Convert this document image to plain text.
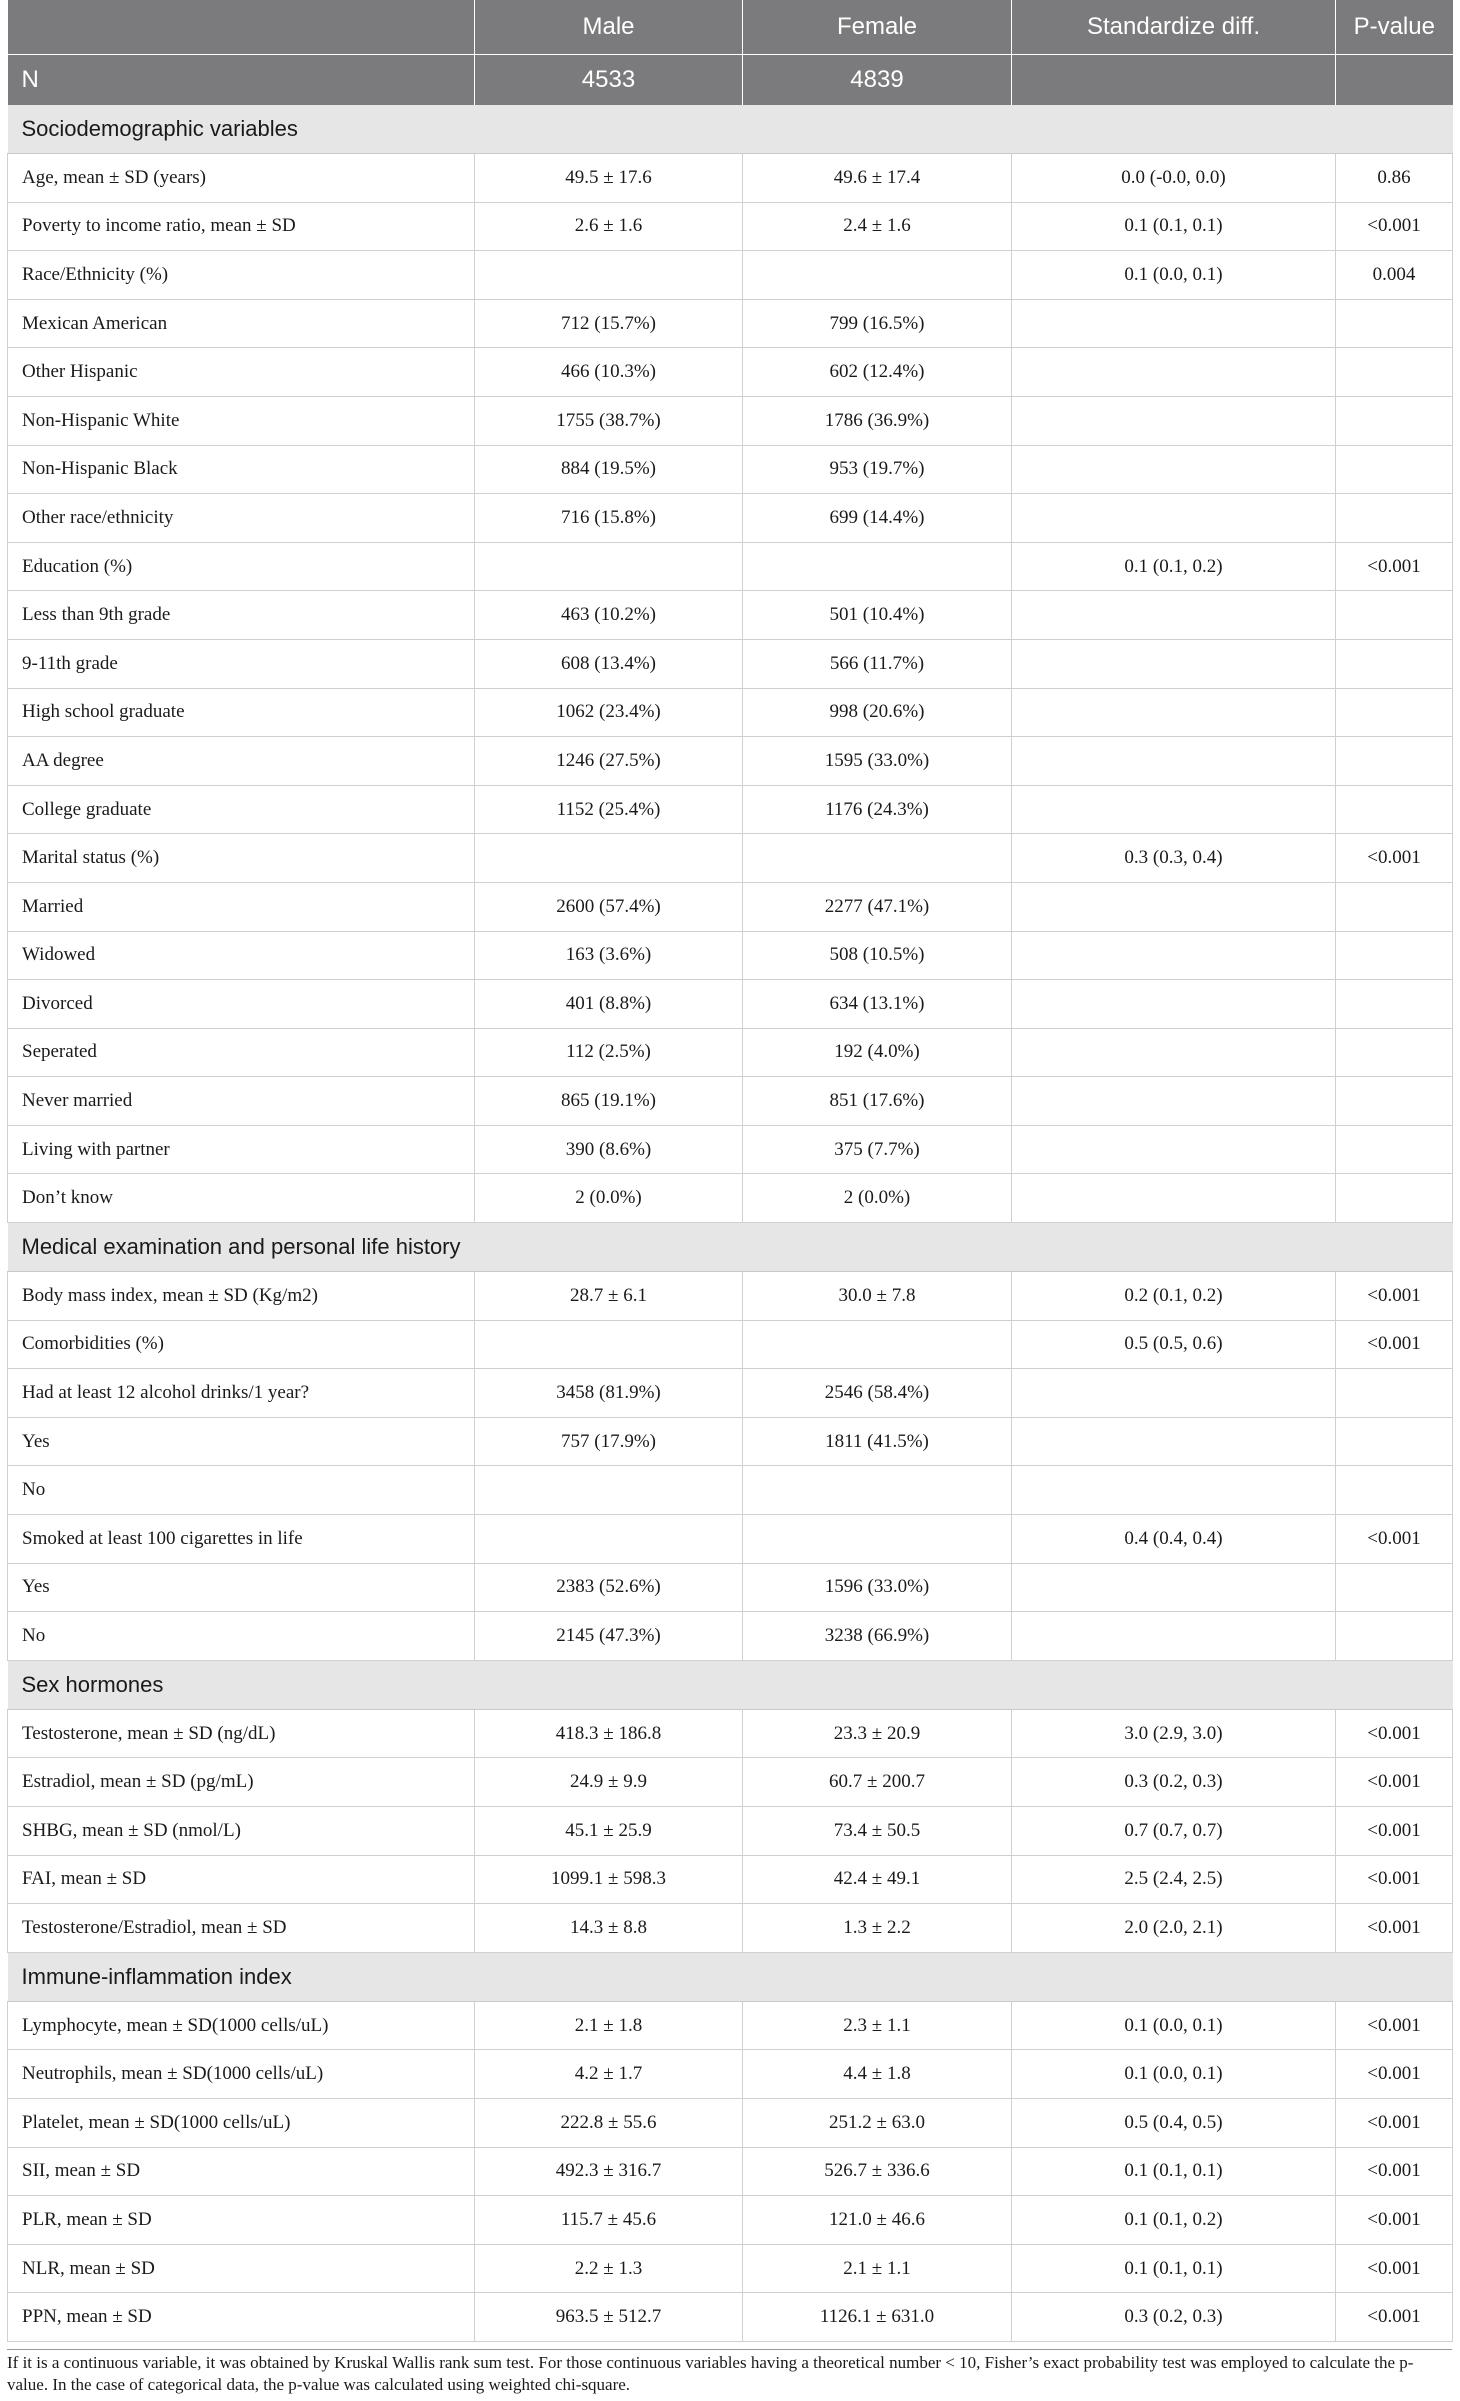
	Male	Female	Standardize diff.	P-value
N	4533	4839		
Sociodemographic variables				
Age, mean ± SD (years)	49.5 ± 17.6	49.6 ± 17.4	0.0 (-0.0, 0.0)	0.86
Poverty to income ratio, mean ± SD	2.6 ± 1.6	2.4 ± 1.6	0.1 (0.1, 0.1)	<0.001
Race/Ethnicity (%)			0.1 (0.0, 0.1)	0.004
Mexican American	712 (15.7%)	799 (16.5%)		
Other Hispanic	466 (10.3%)	602 (12.4%)		
Non-Hispanic White	1755 (38.7%)	1786 (36.9%)		
Non-Hispanic Black	884 (19.5%)	953 (19.7%)		
Other race/ethnicity	716 (15.8%)	699 (14.4%)		
Education (%)			0.1 (0.1, 0.2)	<0.001
Less than 9th grade	463 (10.2%)	501 (10.4%)		
9-11th grade	608 (13.4%)	566 (11.7%)		
High school graduate	1062 (23.4%)	998 (20.6%)		
AA degree	1246 (27.5%)	1595 (33.0%)		
College graduate	1152 (25.4%)	1176 (24.3%)		
Marital status (%)			0.3 (0.3, 0.4)	<0.001
Married	2600 (57.4%)	2277 (47.1%)		
Widowed	163 (3.6%)	508 (10.5%)		
Divorced	401 (8.8%)	634 (13.1%)		
Seperated	112 (2.5%)	192 (4.0%)		
Never married	865 (19.1%)	851 (17.6%)		
Living with partner	390 (8.6%)	375 (7.7%)		
Don’t know	2 (0.0%)	2 (0.0%)		
Medical examination and personal life history				
Body mass index, mean ± SD (Kg/m2)	28.7 ± 6.1	30.0 ± 7.8	0.2 (0.1, 0.2)	<0.001
Comorbidities (%)			0.5 (0.5, 0.6)	<0.001
Had at least 12 alcohol drinks/1 year?	3458 (81.9%)	2546 (58.4%)		
Yes	757 (17.9%)	1811 (41.5%)		
No				
Smoked at least 100 cigarettes in life			0.4 (0.4, 0.4)	<0.001
Yes	2383 (52.6%)	1596 (33.0%)		
No	2145 (47.3%)	3238 (66.9%)		
Sex hormones				
Testosterone, mean ± SD (ng/dL)	418.3 ± 186.8	23.3 ± 20.9	3.0 (2.9, 3.0)	<0.001
Estradiol, mean ± SD (pg/mL)	24.9 ± 9.9	60.7 ± 200.7	0.3 (0.2, 0.3)	<0.001
SHBG, mean ± SD (nmol/L)	45.1 ± 25.9	73.4 ± 50.5	0.7 (0.7, 0.7)	<0.001
FAI, mean ± SD	1099.1 ± 598.3	42.4 ± 49.1	2.5 (2.4, 2.5)	<0.001
Testosterone/Estradiol, mean ± SD	14.3 ± 8.8	1.3 ± 2.2	2.0 (2.0, 2.1)	<0.001
Immune-inflammation index				
Lymphocyte, mean ± SD(1000 cells/uL)	2.1 ± 1.8	2.3 ± 1.1	0.1 (0.0, 0.1)	<0.001
Neutrophils, mean ± SD(1000 cells/uL)	4.2 ± 1.7	4.4 ± 1.8	0.1 (0.0, 0.1)	<0.001
Platelet, mean ± SD(1000 cells/uL)	222.8 ± 55.6	251.2 ± 63.0	0.5 (0.4, 0.5)	<0.001
SII, mean ± SD	492.3 ± 316.7	526.7 ± 336.6	0.1 (0.1, 0.1)	<0.001
PLR, mean ± SD	115.7 ± 45.6	121.0 ± 46.6	0.1 (0.1, 0.2)	<0.001
NLR, mean ± SD	2.2 ± 1.3	2.1 ± 1.1	0.1 (0.1, 0.1)	<0.001
PPN, mean ± SD	963.5 ± 512.7	1126.1 ± 631.0	0.3 (0.2, 0.3)	<0.001
If it is a continuous variable, it was obtained by Kruskal Wallis rank sum test. For those continuous variables having a theoretical number < 10, Fisher’s exact probability test was employed to calculate the p-value. In the case of categorical data, the p-value was calculated using weighted chi-square.
